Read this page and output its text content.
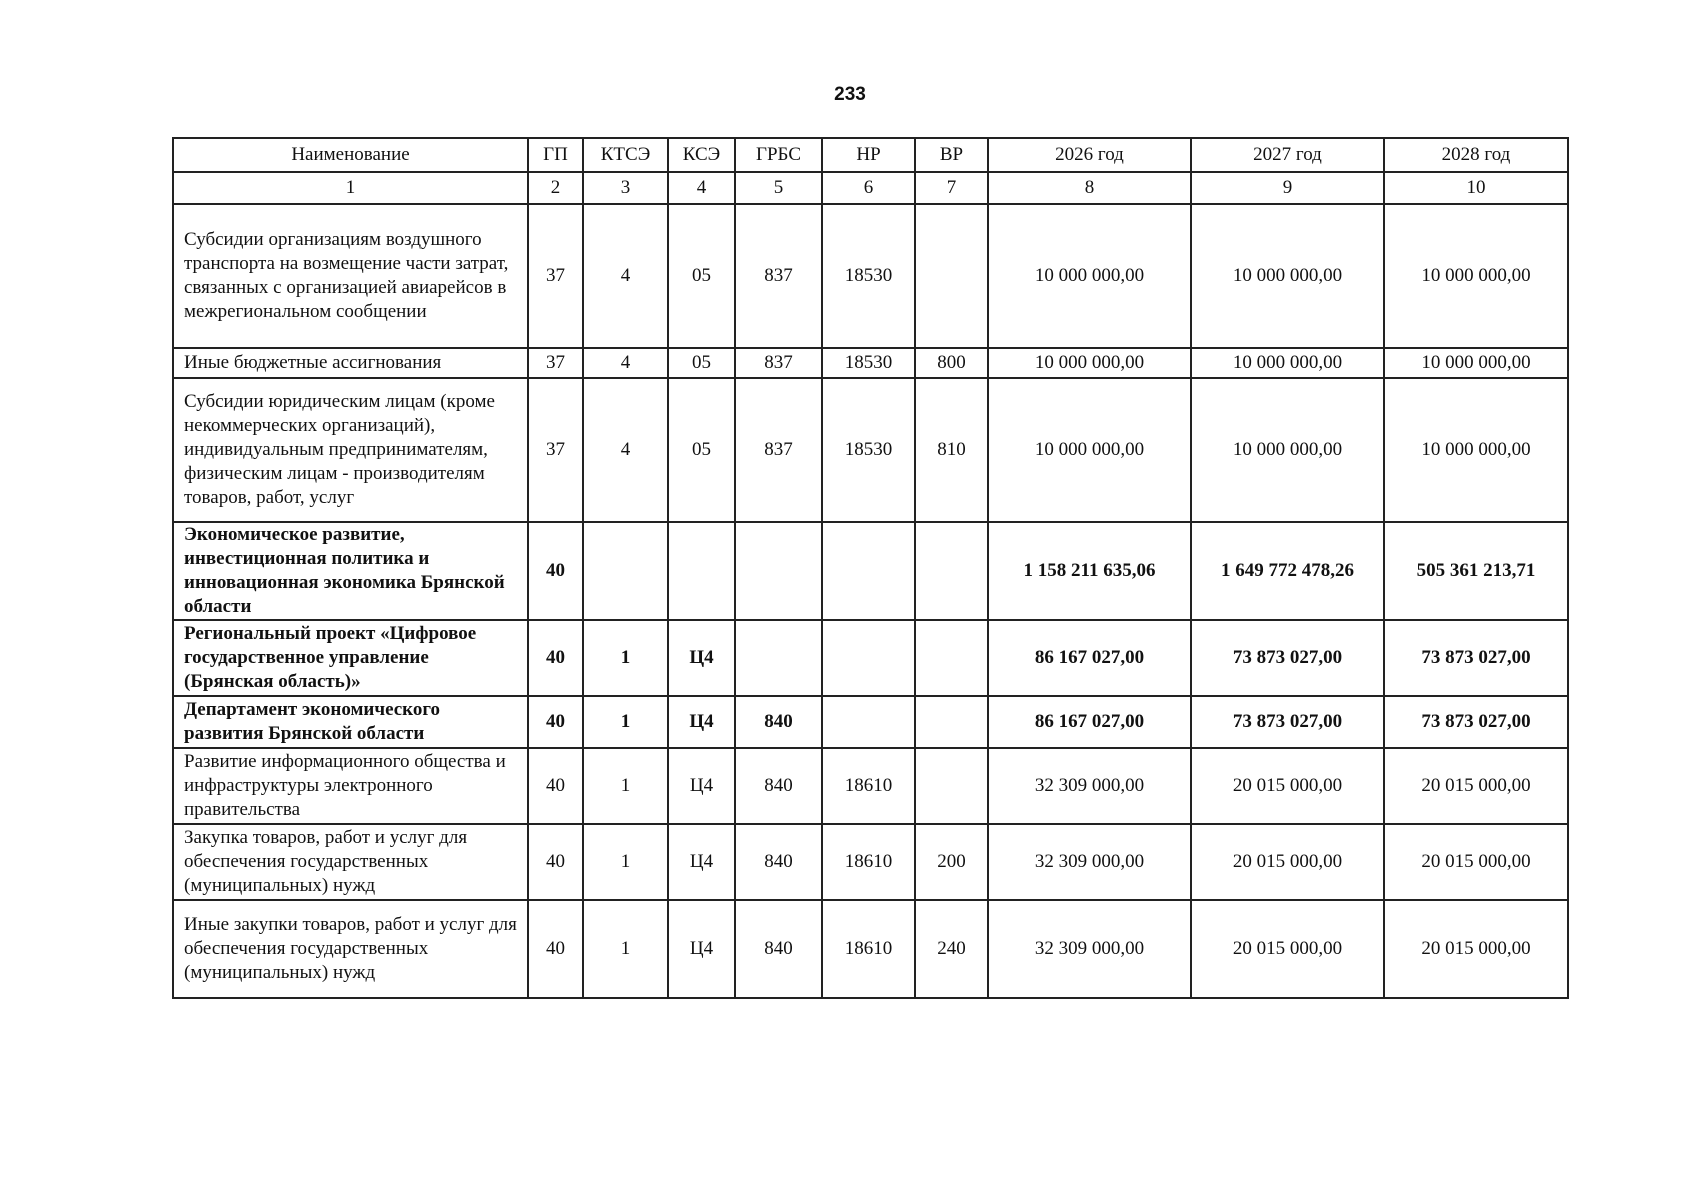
233
Наименование	ГП	КТСЭ	КСЭ	ГРБС	НР	ВР	2026 год	2027 год	2028 год
1	2	3	4	5	6	7	8	9	10
Субсидии организациям воздушного транспорта на возмещение части затрат, связанных с организацией авиарейсов в межрегиональном сообщении	37	4	05	837	18530		10 000 000,00	10 000 000,00	10 000 000,00
Иные бюджетные ассигнования	37	4	05	837	18530	800	10 000 000,00	10 000 000,00	10 000 000,00
Субсидии юридическим лицам (кроме некоммерческих организаций), индивидуальным предпринимателям, физическим лицам - производителям товаров, работ, услуг	37	4	05	837	18530	810	10 000 000,00	10 000 000,00	10 000 000,00
Экономическое развитие, инвестиционная политика и инновационная экономика Брянской области	40						1 158 211 635,06	1 649 772 478,26	505 361 213,71
Региональный проект «Цифровое государственное управление (Брянская область)»	40	1	Ц4				86 167 027,00	73 873 027,00	73 873 027,00
Департамент экономического развития Брянской области	40	1	Ц4	840			86 167 027,00	73 873 027,00	73 873 027,00
Развитие информационного общества и инфраструктуры электронного правительства	40	1	Ц4	840	18610		32 309 000,00	20 015 000,00	20 015 000,00
Закупка товаров, работ и услуг для обеспечения государственных (муниципальных) нужд	40	1	Ц4	840	18610	200	32 309 000,00	20 015 000,00	20 015 000,00
Иные закупки товаров, работ и услуг для обеспечения государственных (муниципальных) нужд	40	1	Ц4	840	18610	240	32 309 000,00	20 015 000,00	20 015 000,00
